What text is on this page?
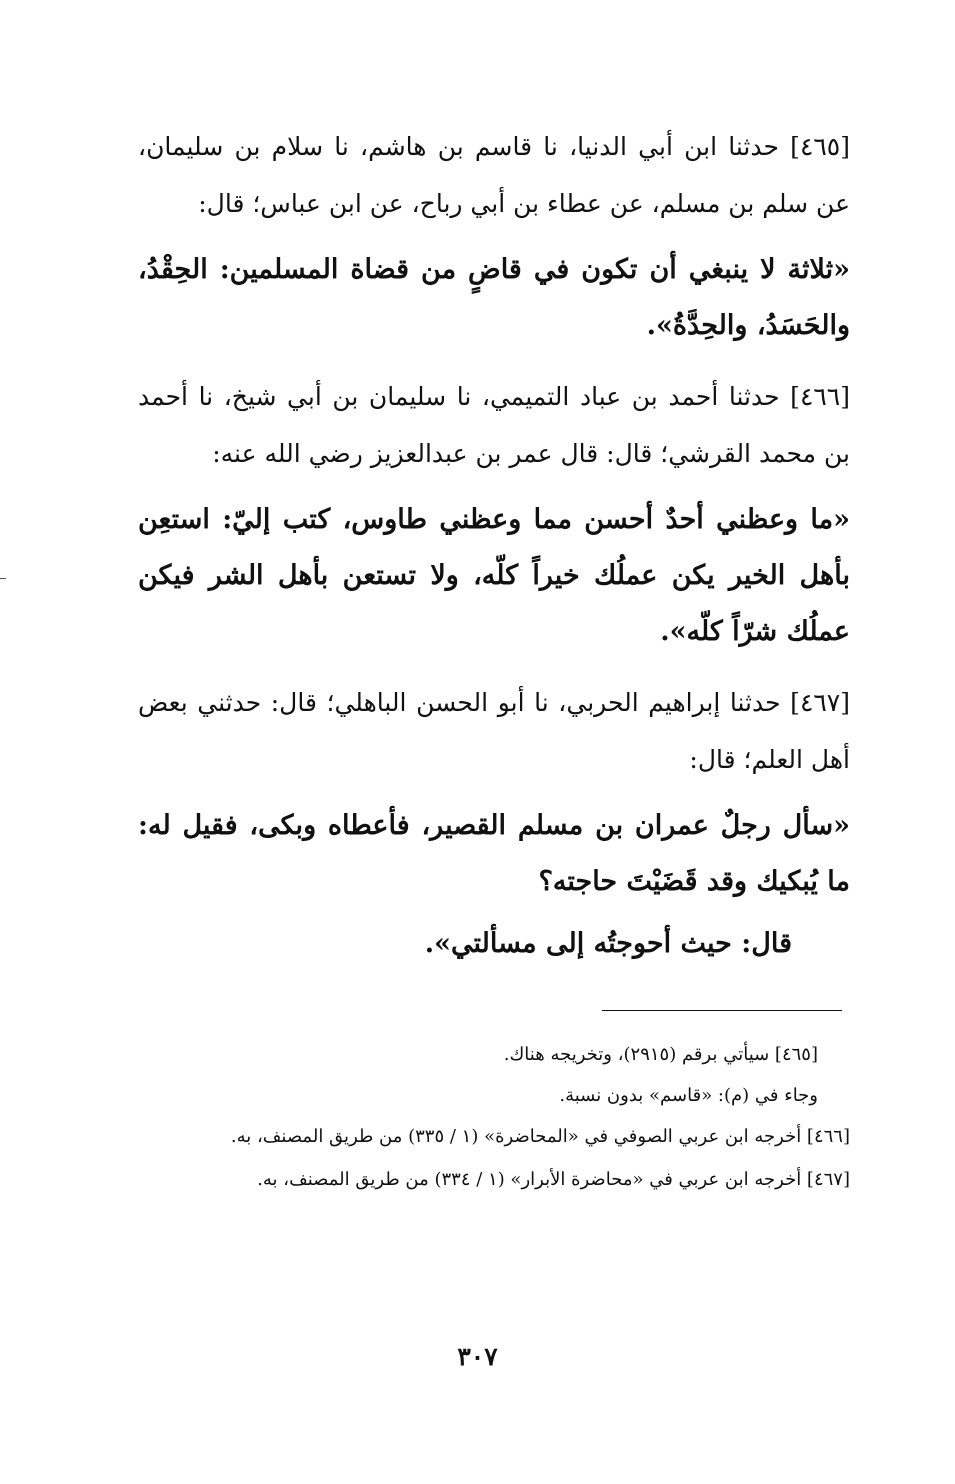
[٤٦٥] حدثنا ابن أبي الدنيا، نا قاسم بن هاشم، نا سلام بن سليمان، عن سلم بن مسلم، عن عطاء بن أبي رباح، عن ابن عباس؛ قال:

«ثلاثة لا ينبغي أن تكون في قاضٍ من قضاة المسلمين: الحِقْدُ، والحَسَدُ، والحِدَّةُ».

[٤٦٦] حدثنا أحمد بن عباد التميمي، نا سليمان بن أبي شيخ، نا أحمد بن محمد القرشي؛ قال: قال عمر بن عبدالعزيز رضي الله عنه:

«ما وعظني أحدٌ أحسن مما وعظني طاوس، كتب إليّ: استعِن بأهل الخير يكن عملُك خيراً كلّه، ولا تستعن بأهل الشر فيكن عملُك شرّاً كلّه».

[٤٦٧] حدثنا إبراهيم الحربي، نا أبو الحسن الباهلي؛ قال: حدثني بعض أهل العلم؛ قال:

«سأل رجلٌ عمران بن مسلم القصير، فأعطاه وبكى، فقيل له: ما يُبكيك وقد قَضَيْتَ حاجته؟

قال: حيث أحوجتُه إلى مسألتي».

[٤٦٥] سيأتي برقم (٢٩١٥)، وتخريجه هناك.

وجاء في (م): «قاسم» بدون نسبة.

[٤٦٦] أخرجه ابن عربي الصوفي في «المحاضرة» (١ / ٣٣٥) من طريق المصنف، به.

[٤٦٧] أخرجه ابن عربي في «محاضرة الأبرار» (١ / ٣٣٤) من طريق المصنف، به.

٣٠٧
